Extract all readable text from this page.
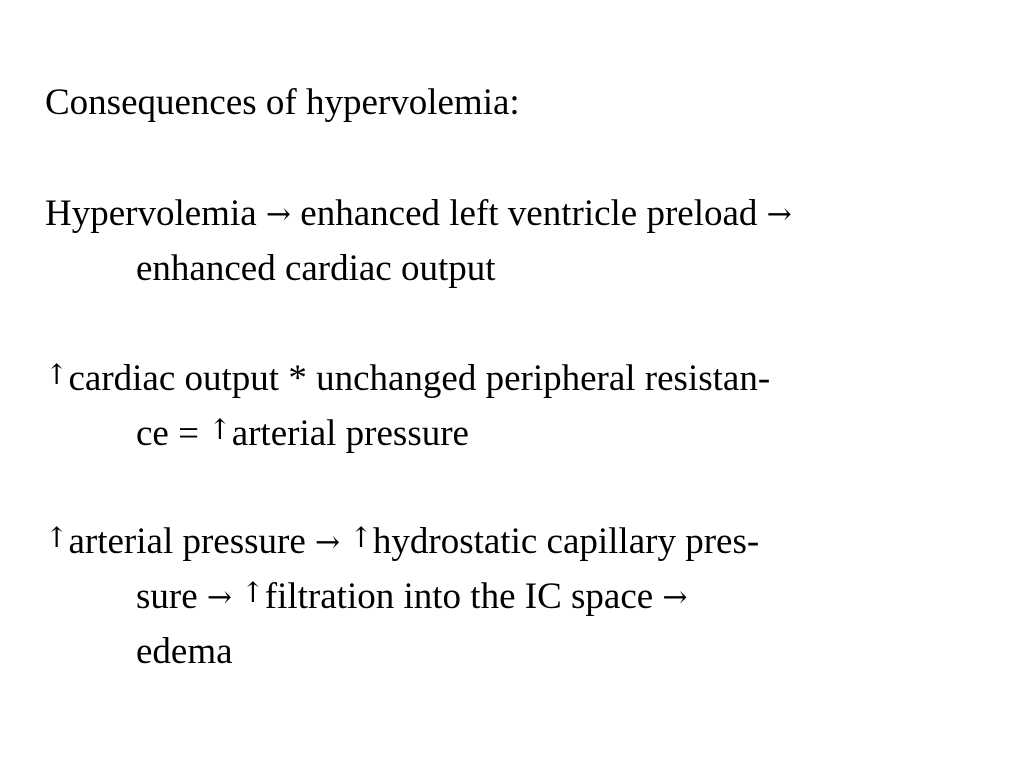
Consequences of hypervolemia:
Hypervolemia → enhanced left ventricle preload →
enhanced cardiac output
↑cardiac output * unchanged peripheral resistan-
ce = ↑arterial pressure
↑arterial pressure → ↑hydrostatic capillary pres-
sure → ↑filtration into the IC space →
edema
